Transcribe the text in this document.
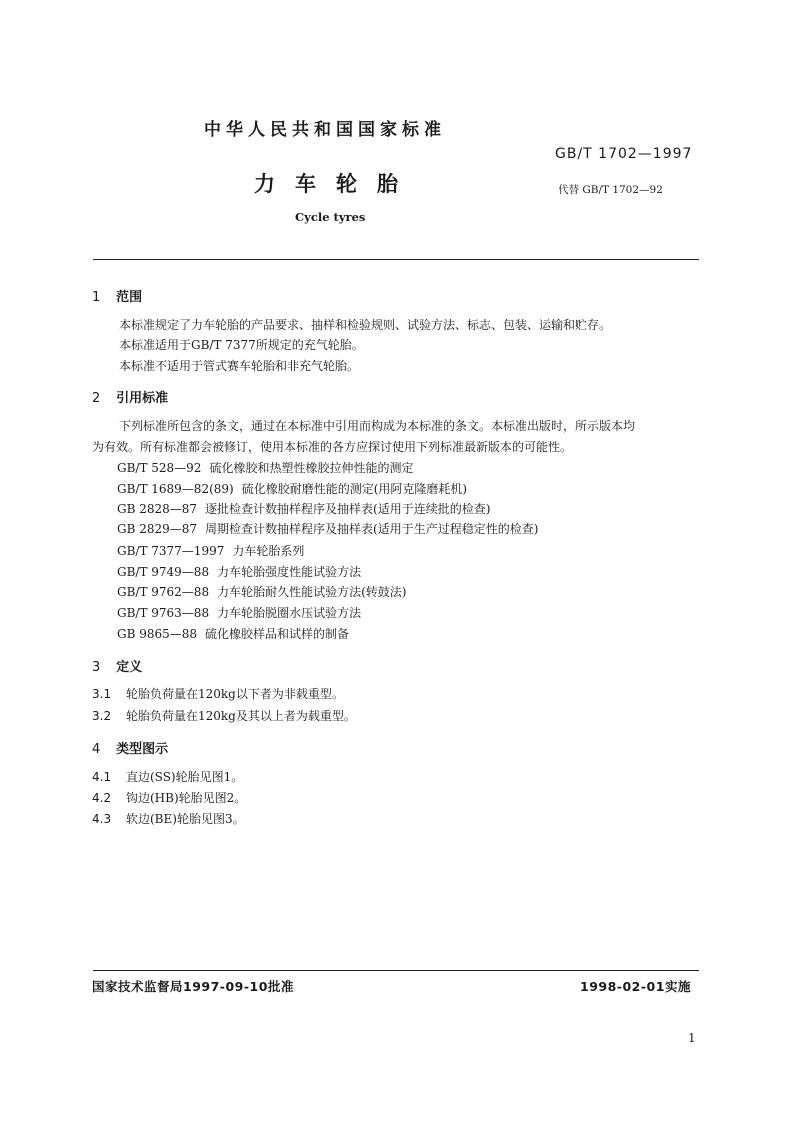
中华人民共和国国家标准
GB/T 1702—1997
力车轮胎	代替 GB/T 1702—92
Cycle tyres
1 范围
本标准规定了力车轮胎的产品要求、抽样和检验规则、试验方法、标志、包装、运输和贮存。
本标准适用于GB/T 7377所规定的充气轮胎。
本标准不适用于管式赛车轮胎和非充气轮胎。
2 引用标准
下列标准所包含的条文，通过在本标准中引用而构成为本标准的条文。本标准出版时，所示版本均
为有效。所有标准都会被修订，使用本标准的各方应探讨使用下列标准最新版本的可能性。
GB/T 528—92 硫化橡胶和热塑性橡胶拉伸性能的测定
GB/T 1689—82(89) 硫化橡胶耐磨性能的测定(用阿克隆磨耗机)
GB 2828—87 逐批检查计数抽样程序及抽样表(适用于连续批的检查)
GB 2829—87 周期检查计数抽样程序及抽样表(适用于生产过程稳定性的检查)
GB/T 7377—1997 力车轮胎系列
GB/T 9749—88 力车轮胎强度性能试验方法
GB/T 9762—88 力车轮胎耐久性能试验方法(转鼓法)
GB/T 9763—88 力车轮胎脱圈水压试验方法
GB 9865—88 硫化橡胶样品和试样的制备
3 定义
3.1 轮胎负荷量在120kg以下者为非载重型。
3.2 轮胎负荷量在120kg及其以上者为载重型。
4 类型图示
4.1 直边(SS)轮胎见图1。
4.2 钩边(HB)轮胎见图2。
4.3 软边(BE)轮胎见图3。
国家技术监督局1997-09-10批准	1998-02-01实施
1
